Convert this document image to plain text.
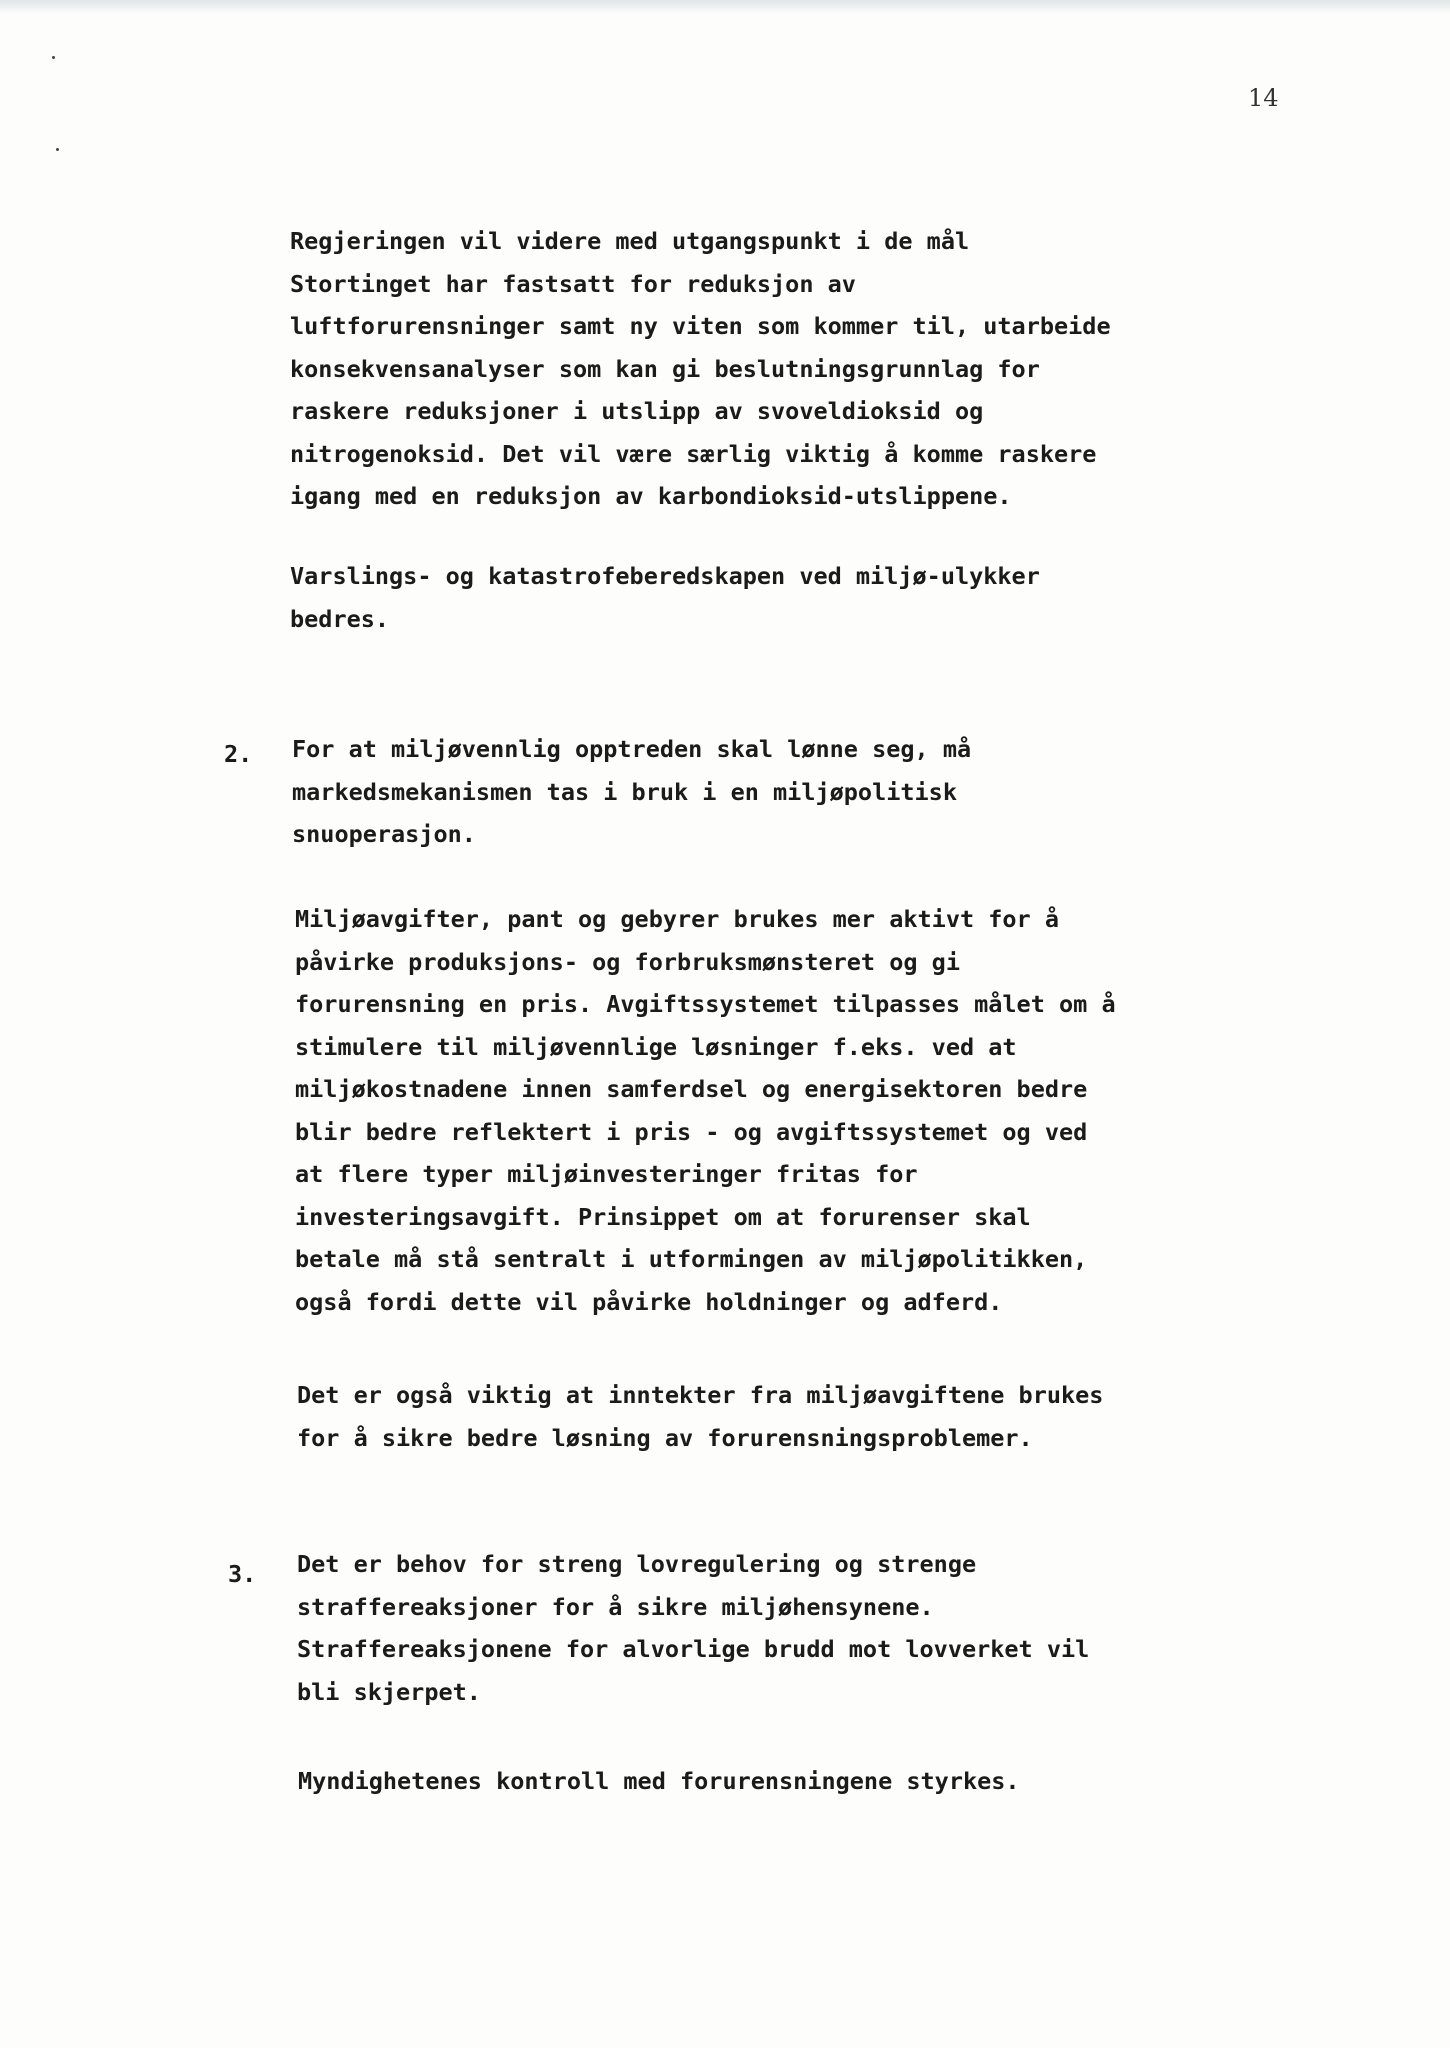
14
Regjeringen vil videre med utgangspunkt i de mål
Stortinget har fastsatt for reduksjon av
luftforurensninger samt ny viten som kommer til, utarbeide
konsekvensanalyser som kan gi beslutningsgrunnlag for
raskere reduksjoner i utslipp av svoveldioksid og
nitrogenoksid. Det vil være særlig viktig å komme raskere
igang med en reduksjon av karbondioksid-utslippene.
Varslings- og katastrofeberedskapen ved miljø-ulykker
bedres.
2. For at miljøvennlig opptreden skal lønne seg, må
markedsmekanismen tas i bruk i en miljøpolitisk
snuoperasjon.
Miljøavgifter, pant og gebyrer brukes mer aktivt for å
påvirke produksjons- og forbruksmønsteret og gi
forurensning en pris. Avgiftssystemet tilpasses målet om å
stimulere til miljøvennlige løsninger f.eks. ved at
miljøkostnadene innen samferdsel og energisektoren bedre
blir bedre reflektert i pris - og avgiftssystemet og ved
at flere typer miljøinvesteringer fritas for
investeringsavgift. Prinsippet om at forurenser skal
betale må stå sentralt i utformingen av miljøpolitikken,
også fordi dette vil påvirke holdninger og adferd.
Det er også viktig at inntekter fra miljøavgiftene brukes
for å sikre bedre løsning av forurensningsproblemer.
3. Det er behov for streng lovregulering og strenge
straffereaksjoner for å sikre miljøhensynene.
Straffereaksjonene for alvorlige brudd mot lovverket vil
bli skjerpet.
Myndighetenes kontroll med forurensningene styrkes.
